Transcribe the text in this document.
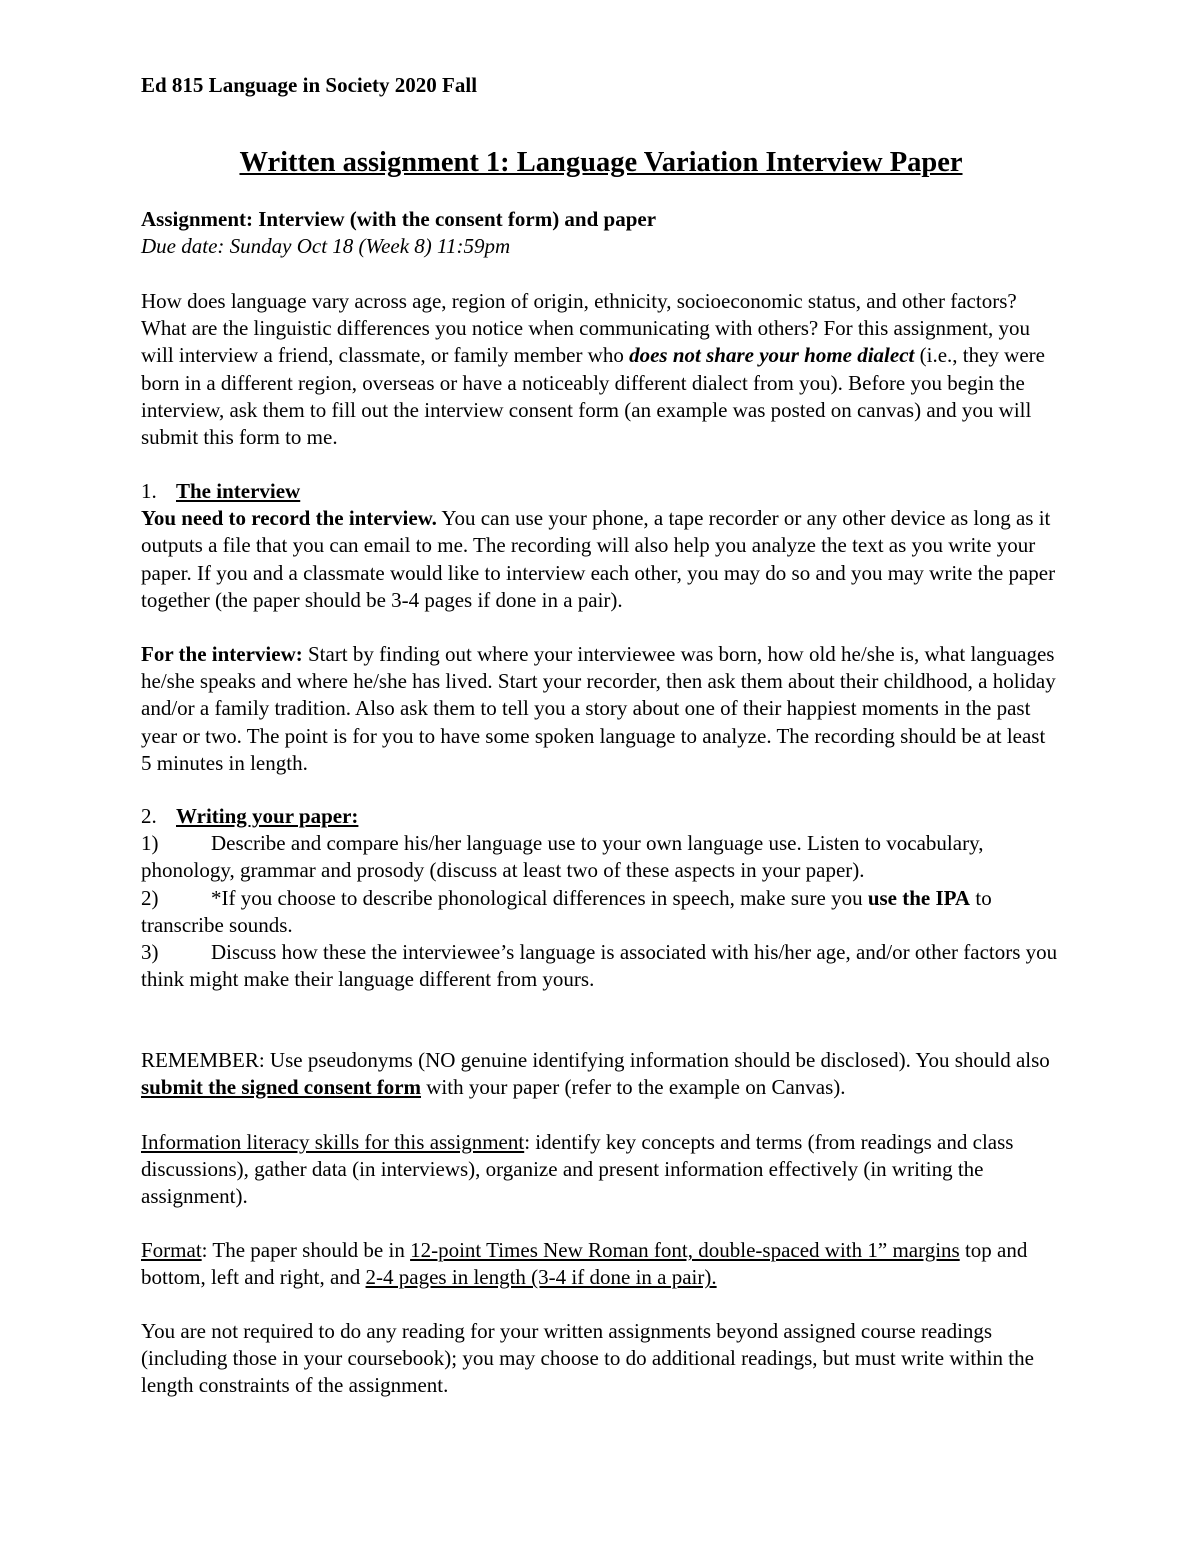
Ed 815 Language in Society 2020 Fall

Written assignment 1: Language Variation Interview Paper

Assignment: Interview (with the consent form) and paper

Due date: Sunday Oct 18 (Week 8) 11:59pm

How does language vary across age, region of origin, ethnicity, socioeconomic status, and other factors? What are the linguistic differences you notice when communicating with others? For this assignment, you will interview a friend, classmate, or family member who does not share your home dialect (i.e., they were born in a different region, overseas or have a noticeably different dialect from you). Before you begin the interview, ask them to fill out the interview consent form (an example was posted on canvas) and you will submit this form to me.

1. The interview

You need to record the interview. You can use your phone, a tape recorder or any other device as long as it outputs a file that you can email to me. The recording will also help you analyze the text as you write your paper. If you and a classmate would like to interview each other, you may do so and you may write the paper together (the paper should be 3-4 pages if done in a pair).

For the interview: Start by finding out where your interviewee was born, how old he/she is, what languages he/she speaks and where he/she has lived. Start your recorder, then ask them about their childhood, a holiday and/or a family tradition. Also ask them to tell you a story about one of their happiest moments in the past year or two. The point is for you to have some spoken language to analyze. The recording should be at least 5 minutes in length.

2. Writing your paper:

1)	Describe and compare his/her language use to your own language use. Listen to vocabulary, phonology, grammar and prosody (discuss at least two of these aspects in your paper).

2)	*If you choose to describe phonological differences in speech, make sure you use the IPA to transcribe sounds.

3)	Discuss how these the interviewee’s language is associated with his/her age, and/or other factors you think might make their language different from yours.

REMEMBER: Use pseudonyms (NO genuine identifying information should be disclosed). You should also submit the signed consent form with your paper (refer to the example on Canvas).

Information literacy skills for this assignment: identify key concepts and terms (from readings and class discussions), gather data (in interviews), organize and present information effectively (in writing the assignment).

Format: The paper should be in 12-point Times New Roman font, double-spaced with 1” margins top and bottom, left and right, and 2-4 pages in length (3-4 if done in a pair).

You are not required to do any reading for your written assignments beyond assigned course readings (including those in your coursebook); you may choose to do additional readings, but must write within the length constraints of the assignment.
